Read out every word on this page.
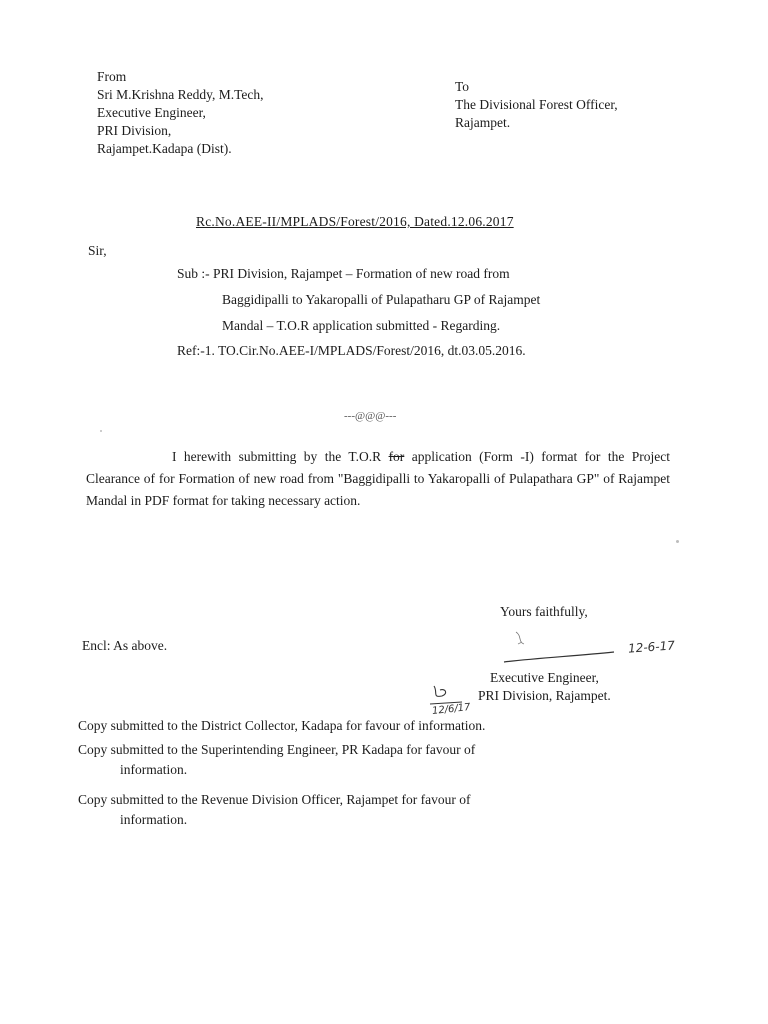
From
Sri M.Krishna Reddy, M.Tech,
Executive Engineer,
PRI Division,
Rajampet.Kadapa (Dist).
To
The Divisional Forest Officer,
Rajampet.
Rc.No.AEE-II/MPLADS/Forest/2016, Dated.12.06.2017
Sir,
Sub :- PRI Division, Rajampet – Formation of new road from
Baggidipalli to Yakaropalli of Pulapatharu GP of Rajampet
Mandal – T.O.R application submitted - Regarding.
Ref:-1. TO.Cir.No.AEE-I/MPLADS/Forest/2016, dt.03.05.2016.
---@@@---
I herewith submitting by the T.O.R for application (Form -I) format for the Project Clearance of for Formation of new road from "Baggidipalli to Yakaropalli of Pulapathara GP" of Rajampet Mandal in PDF format for taking necessary action.
Yours faithfully,
12-6-17
Encl: As above.
Executive Engineer,
PRI Division, Rajampet.
12/6/17
Copy submitted to the District Collector, Kadapa for favour of information.
Copy submitted to the Superintending Engineer, PR Kadapa for favour of
information.
Copy submitted to the Revenue Division Officer, Rajampet for favour of
information.
